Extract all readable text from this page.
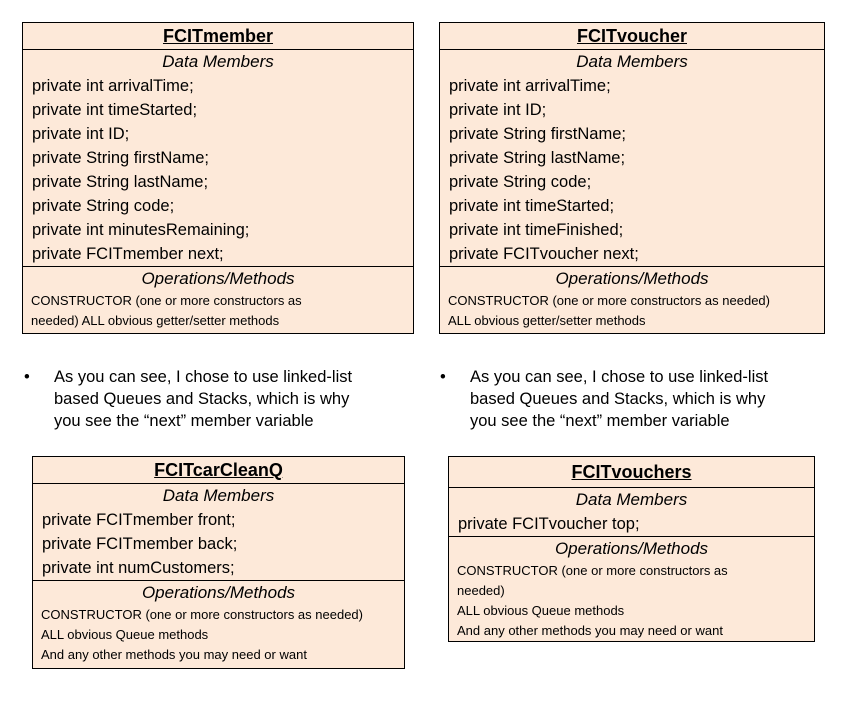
FCITmember
Data Members
private int arrivalTime;
private int timeStarted;
private int ID;
private String firstName;
private String lastName;
private String code;
private int minutesRemaining;
private FCITmember next;
Operations/Methods
CONSTRUCTOR (one or more constructors as
needed) ALL obvious getter/setter methods
FCITvoucher
Data Members
private int arrivalTime;
private int ID;
private String firstName;
private String lastName;
private String code;
private int timeStarted;
private int timeFinished;
private FCITvoucher next;
Operations/Methods
CONSTRUCTOR (one or more constructors as needed)
ALL obvious getter/setter methods
• As you can see, I chose to use linked-list
based Queues and Stacks, which is why
you see the “next” member variable
• As you can see, I chose to use linked-list
based Queues and Stacks, which is why
you see the “next” member variable
FCITcarCleanQ
Data Members
private FCITmember front;
private FCITmember back;
private int numCustomers;
Operations/Methods
CONSTRUCTOR (one or more constructors as needed)
ALL obvious Queue methods
And any other methods you may need or want
FCITvouchers
Data Members
private FCITvoucher top;
Operations/Methods
CONSTRUCTOR (one or more constructors as
needed)
ALL obvious Queue methods
And any other methods you may need or want
